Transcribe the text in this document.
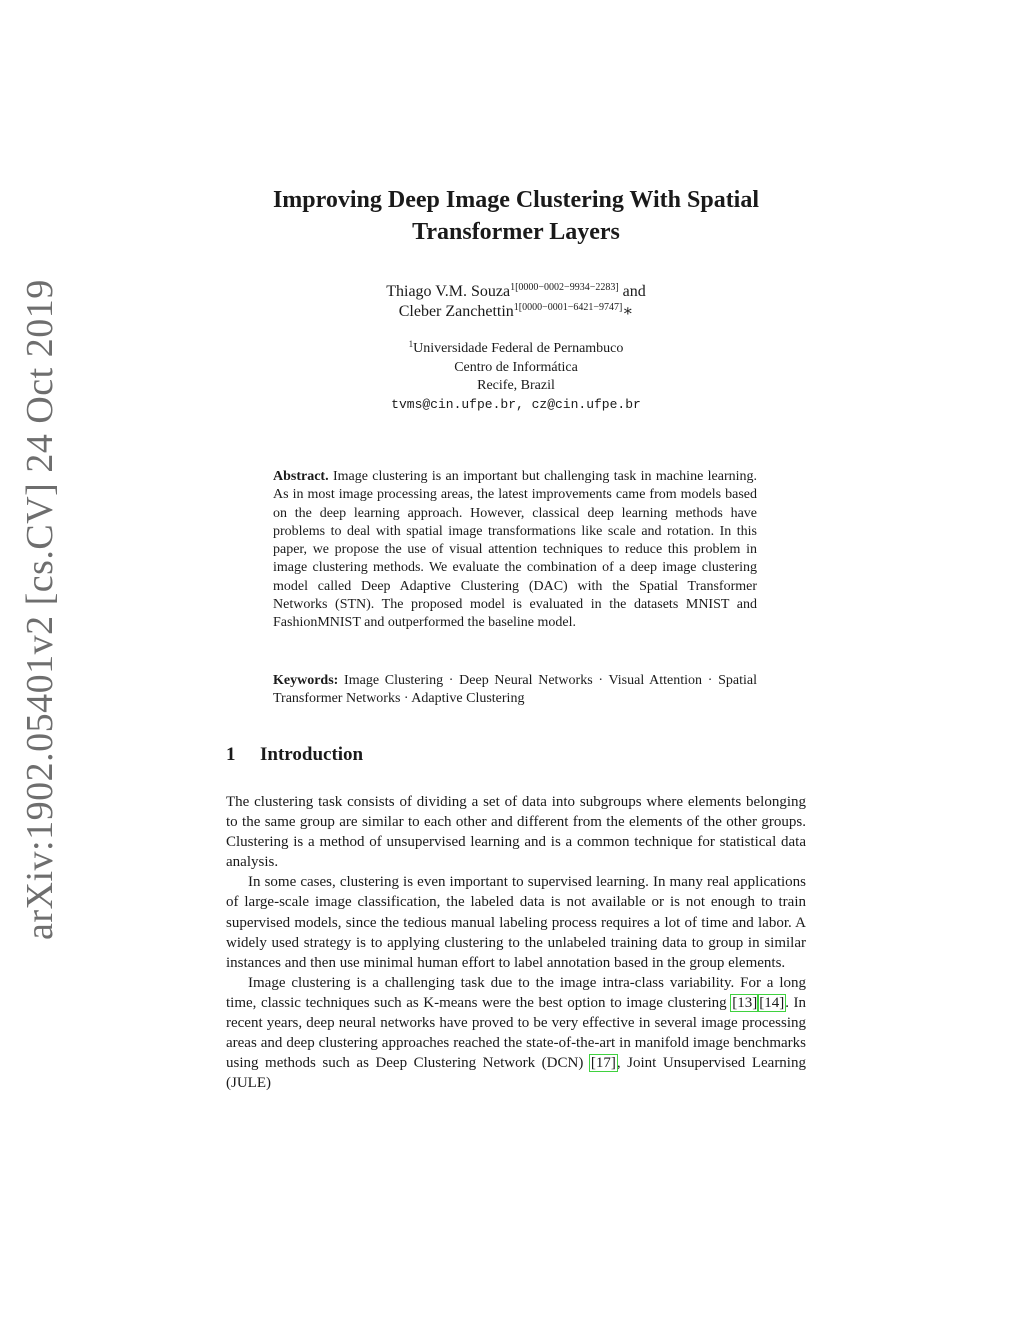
arXiv:1902.05401v2 [cs.CV] 24 Oct 2019
Improving Deep Image Clustering With Spatial
Transformer Layers
Thiago V.M. Souza$^{1[0000-0002-9934-2283]}$ and
Cleber Zanchettin$^{1[0000-0001-6421-9747]}$∗
$^1$Universidade Federal de Pernambuco
Centro de Informática
Recife, Brazil
tvms@cin.ufpe.br, cz@cin.ufpe.br
Abstract. Image clustering is an important but challenging task in machine learning. As in most image processing areas, the latest improvements came from models based on the deep learning approach. However, classical deep learning methods have problems to deal with spatial image transformations like scale and rotation. In this paper, we propose the use of visual attention techniques to reduce this problem in image clustering methods. We evaluate the combination of a deep image clustering model called Deep Adaptive Clustering (DAC) with the Spatial Transformer Networks (STN). The proposed model is evaluated in the datasets MNIST and FashionMNIST and outperformed the baseline model.
Keywords: Image Clustering · Deep Neural Networks · Visual Attention · Spatial Transformer Networks · Adaptive Clustering
1 Introduction

The clustering task consists of dividing a set of data into subgroups where elements belonging to the same group are similar to each other and different from the elements of the other groups. Clustering is a method of unsupervised learning and is a common technique for statistical data analysis.

In some cases, clustering is even important to supervised learning. In many real applications of large-scale image classification, the labeled data is not available or is not enough to train supervised models, since the tedious manual labeling process requires a lot of time and labor. A widely used strategy is to applying clustering to the unlabeled training data to group in similar instances and then use minimal human effort to label annotation based in the group elements.

Image clustering is a challenging task due to the image intra-class variability. For a long time, classic techniques such as K-means were the best option to image clustering [13] [14]. In recent years, deep neural networks have proved to be very effective in several image processing areas and deep clustering approaches reached the state-of-the-art in manifold image benchmarks using methods such as Deep Clustering Network (DCN) [17], Joint Unsupervised Learning (JULE)
